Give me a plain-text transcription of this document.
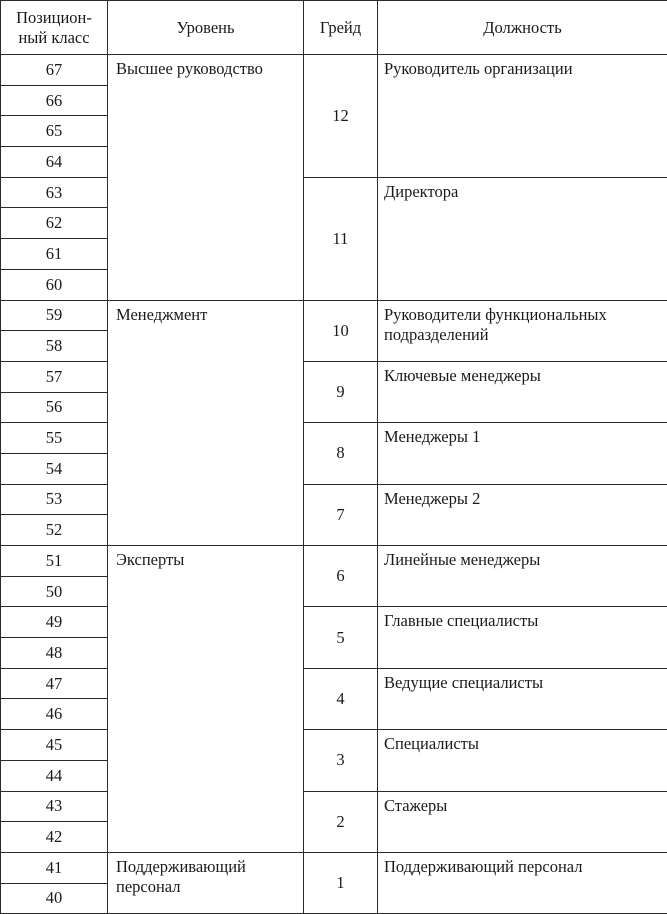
Позицион-
ный класс	Уровень	Грейд	Должность
67	Высшее руководство	12	Руководитель организации

66			
65			
64			
63		11	Директора

62			
61			
60			
59	Менеджмент	10	Руководители функциональных
подразделений

58			
57		9	Ключевые менеджеры

56			
55		8	Менеджеры 1

54			
53		7	Менеджеры 2

52			
51	Эксперты	6	Линейные менеджеры

50			
49		5	Главные специалисты

48			
47		4	Ведущие специалисты

46			
45		3	Специалисты

44			
43		2	Стажеры

42			
41	Поддерживающий
персонал	1	Поддерживающий персонал

40			
